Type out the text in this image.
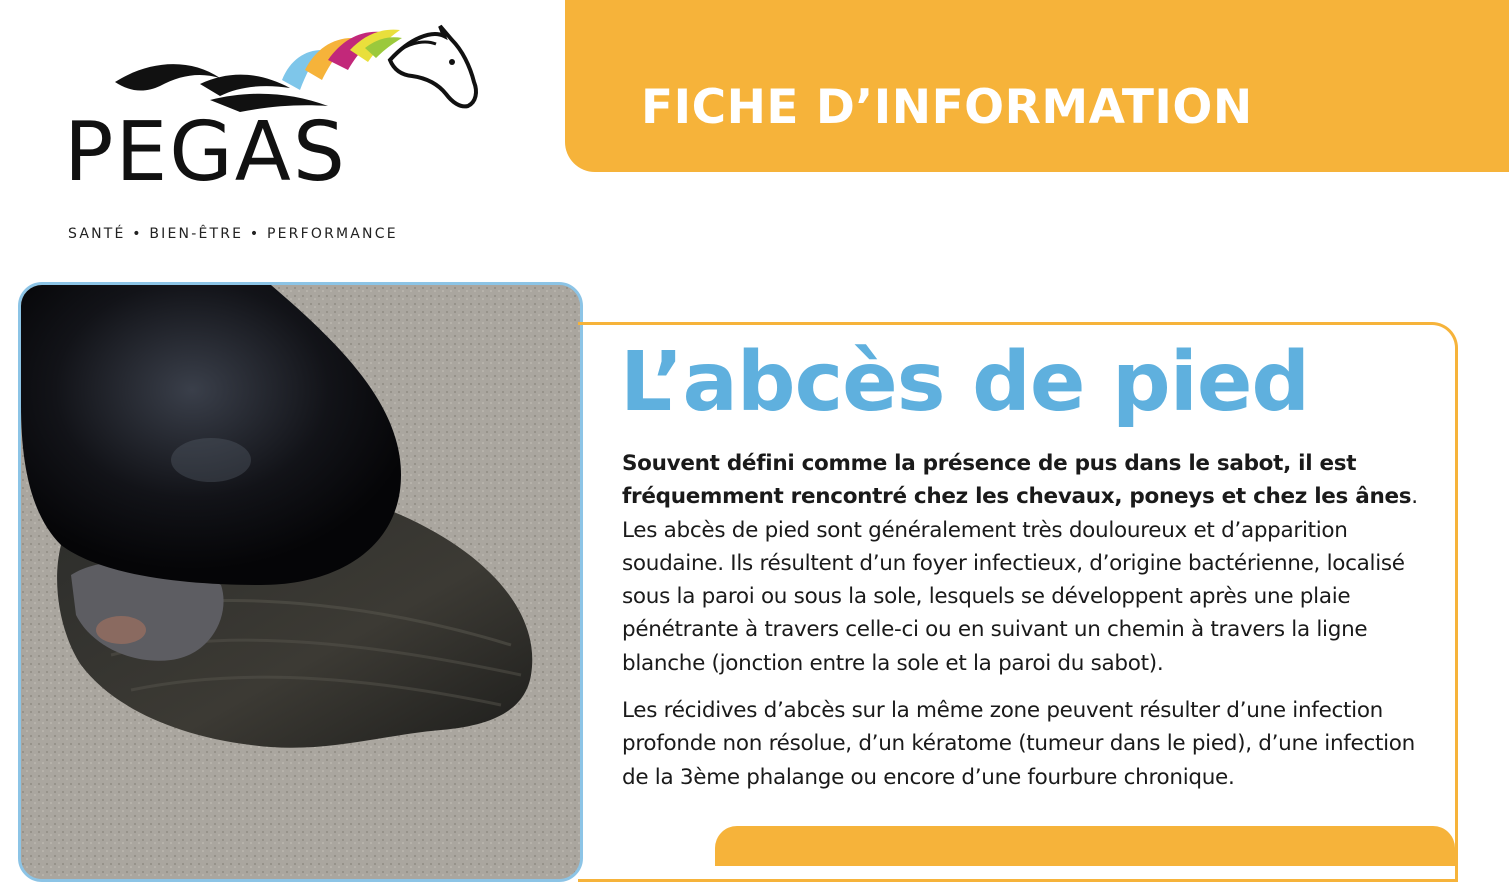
PEGAS
SANTÉ • BIEN-ÊTRE • PERFORMANCE
FICHE D’INFORMATION
L’abcès de pied

Souvent défini comme la présence de pus dans le sabot, il est fréquemment rencontré chez les chevaux, poneys et chez les ânes. Les abcès de pied sont généralement très douloureux et d’apparition soudaine. Ils résultent d’un foyer infectieux, d’origine bactérienne, localisé sous la paroi ou sous la sole, lesquels se développent après une plaie pénétrante à travers celle-ci ou en suivant un chemin à travers la ligne blanche (jonction entre la sole et la paroi du sabot).

Les récidives d’abcès sur la même zone peuvent résulter d’une infection profonde non résolue, d’un kératome (tumeur dans le pied), d’une infection de la 3ème phalange ou encore d’une fourbure chronique.
